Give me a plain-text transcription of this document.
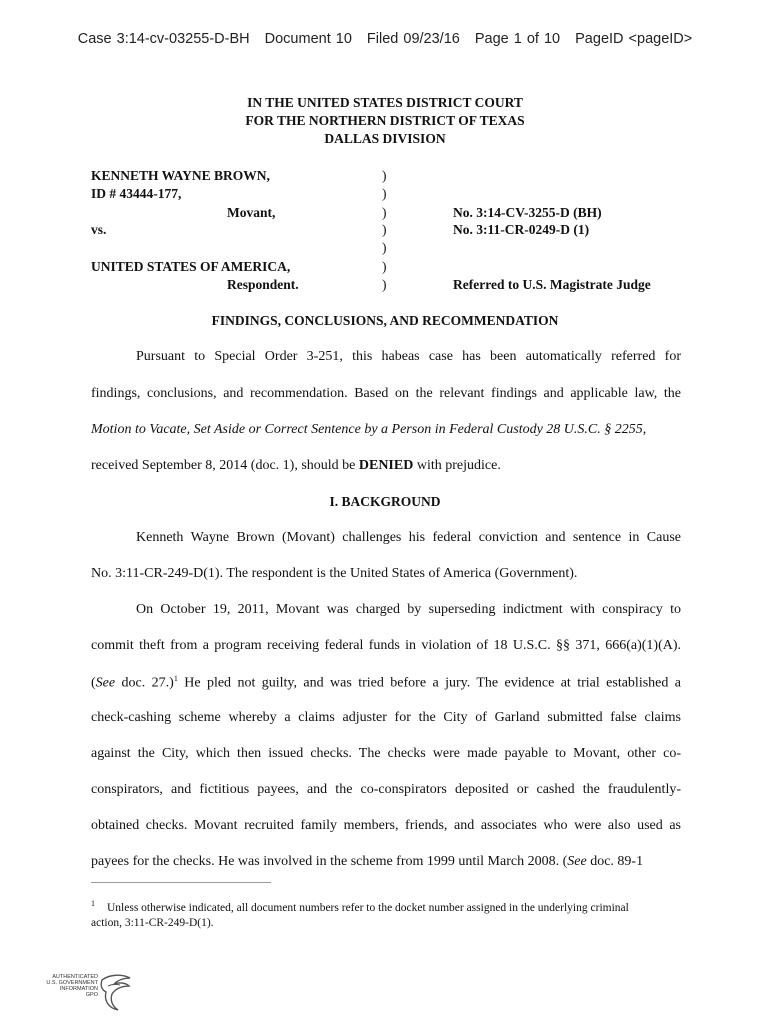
Case 3:14-cv-03255-D-BH Document 10 Filed 09/23/16 Page 1 of 10 PageID <pageID>
IN THE UNITED STATES DISTRICT COURT
FOR THE NORTHERN DISTRICT OF TEXAS
DALLAS DIVISION
KENNETH WAYNE BROWN,
ID # 43444-177,
Movant,
vs.
UNITED STATES OF AMERICA,
Respondent.
)
)
)
)
)
)
)
No. 3:14-CV-3255-D (BH)
No. 3:11-CR-0249-D (1)
Referred to U.S. Magistrate Judge
FINDINGS, CONCLUSIONS, AND RECOMMENDATION
Pursuant to Special Order 3-251, this habeas case has been automatically referred for
findings, conclusions, and recommendation. Based on the relevant findings and applicable law, the
Motion to Vacate, Set Aside or Correct Sentence by a Person in Federal Custody 28 U.S.C. § 2255,
received September 8, 2014 (doc. 1), should be DENIED with prejudice.
I. BACKGROUND
Kenneth Wayne Brown (Movant) challenges his federal conviction and sentence in Cause
No. 3:11-CR-249-D(1). The respondent is the United States of America (Government).
On October 19, 2011, Movant was charged by superseding indictment with conspiracy to
commit theft from a program receiving federal funds in violation of 18 U.S.C. §§ 371, 666(a)(1)(A).
(See doc. 27.)$^1$ He pled not guilty, and was tried before a jury. The evidence at trial established a
check-cashing scheme whereby a claims adjuster for the City of Garland submitted false claims
against the City, which then issued checks. The checks were made payable to Movant, other co-
conspirators, and fictitious payees, and the co-conspirators deposited or cashed the fraudulently-
obtained checks. Movant recruited family members, friends, and associates who were also used as
payees for the checks. He was involved in the scheme from 1999 until March 2008. (See doc. 89-1
$^1$ Unless otherwise indicated, all document numbers refer to the docket number assigned in the underlying criminal
action, 3:11-CR-249-D(1).
AUTHENTICATED
U.S. GOVERNMENT
INFORMATION
GPO
